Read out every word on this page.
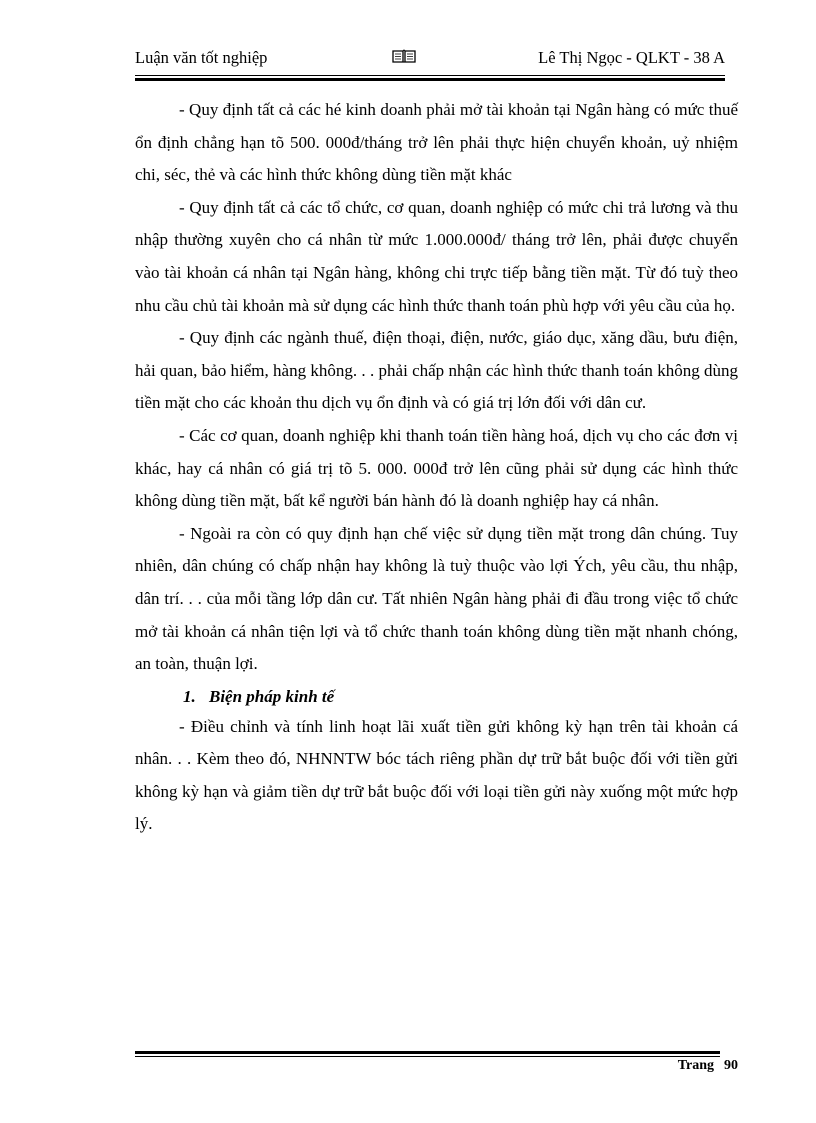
Luận văn tốt nghiệp	Lê Thị Ngọc - QLKT - 38 A

- Quy định tất cả các hé kinh doanh phải mở tài khoản tại Ngân hàng có mức thuế ổn định chẳng hạn tõ 500. 000đ/tháng trở lên phải thực hiện chuyển khoản, uỷ nhiệm chi, séc, thẻ và các hình thức không dùng tiền mặt khác

- Quy định tất cả các tổ chức, cơ quan, doanh nghiệp có mức chi trả lương và thu nhập thường xuyên cho cá nhân từ mức 1.000.000đ/ tháng trở lên, phải được chuyển vào tài khoản cá nhân tại Ngân hàng, không chi trực tiếp bằng tiền mặt. Từ đó tuỳ theo nhu cầu chủ tài khoản mà sử dụng các hình thức thanh toán phù hợp với yêu cầu của họ.

- Quy định các ngành thuế, điện thoại, điện, nước, giáo dục, xăng dầu, bưu điện, hải quan, bảo hiểm, hàng không. . . phải chấp nhận các hình thức thanh toán không dùng tiền mặt cho các khoản thu dịch vụ ổn định và có giá trị lớn đối với dân cư.

- Các cơ quan, doanh nghiệp khi thanh toán tiền hàng hoá, dịch vụ cho các đơn vị khác, hay cá nhân có giá trị tõ 5. 000. 000đ trở lên cũng phải sử dụng các hình thức không dùng tiền mặt, bất kể người bán hành đó là doanh nghiệp hay cá nhân.

- Ngoài ra còn có quy định hạn chế việc sử dụng tiền mặt trong dân chúng. Tuy nhiên, dân chúng có chấp nhận hay không là tuỳ thuộc vào lợi Ých, yêu cầu, thu nhập, dân trí. . . của mỗi tầng lớp dân cư. Tất nhiên Ngân hàng phải đi đầu trong việc tổ chức mở tài khoản cá nhân tiện lợi và tổ chức thanh toán không dùng tiền mặt nhanh chóng, an toàn, thuận lợi.

1. Biện pháp kinh tế

- Điều chỉnh và tính linh hoạt lãi xuất tiền gửi không kỳ hạn trên tài khoản cá nhân. . . Kèm theo đó, NHNNTW bóc tách riêng phần dự trữ bắt buộc đối với tiền gửi không kỳ hạn và giảm tiền dự trữ bắt buộc đối với loại tiền gửi này xuống một mức hợp lý.

Trang 90
